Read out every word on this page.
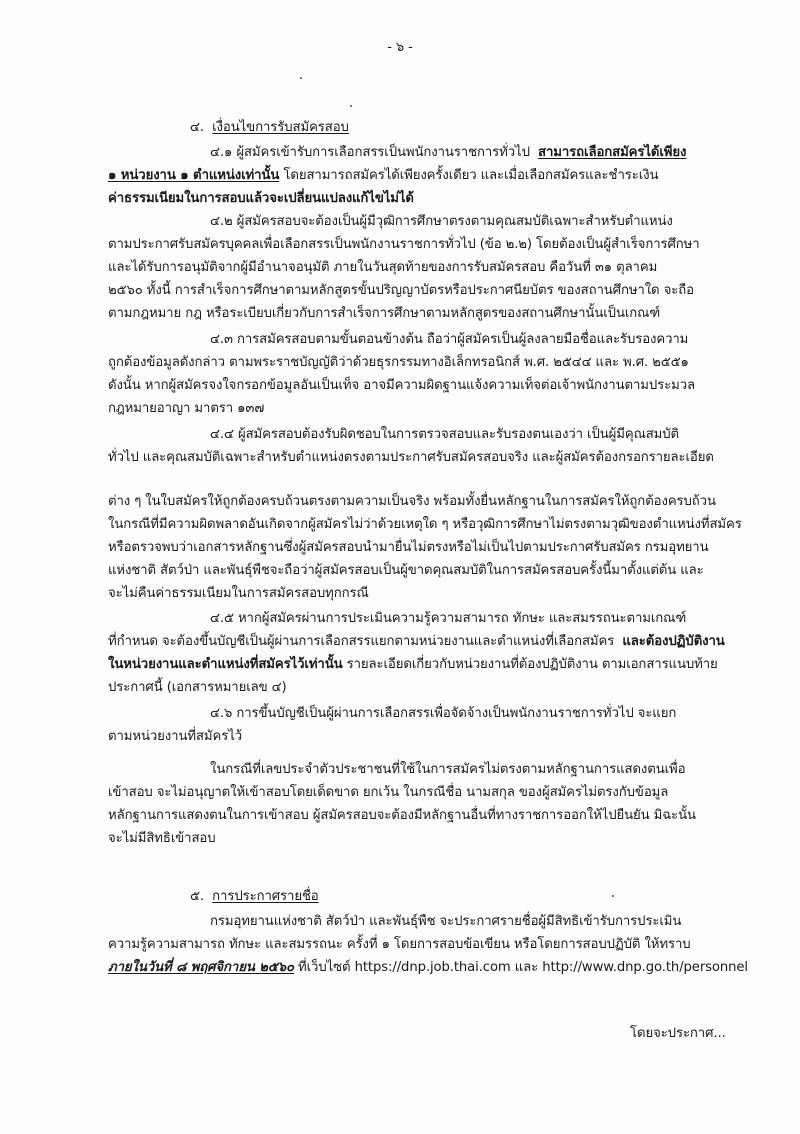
- ๖ -
๔. เงื่อนไขการรับสมัครสอบ
๔.๑ ผู้สมัครเข้ารับการเลือกสรรเป็นพนักงานราชการทั่วไป สามารถเลือกสมัครได้เพียง
๑ หน่วยงาน ๑ ตำแหน่งเท่านั้น โดยสามารถสมัครได้เพียงครั้งเดียว และเมื่อเลือกสมัครและชำระเงิน
ค่าธรรมเนียมในการสอบแล้วจะเปลี่ยนแปลงแก้ไขไม่ได้
๔.๒ ผู้สมัครสอบจะต้องเป็นผู้มีวุฒิการศึกษาตรงตามคุณสมบัติเฉพาะสำหรับตำแหน่ง
ตามประกาศรับสมัครบุคคลเพื่อเลือกสรรเป็นพนักงานราชการทั่วไป (ข้อ ๒.๒) โดยต้องเป็นผู้สำเร็จการศึกษา
และได้รับการอนุมัติจากผู้มีอำนาจอนุมัติ ภายในวันสุดท้ายของการรับสมัครสอบ คือวันที่ ๓๑ ตุลาคม
๒๕๖๐ ทั้งนี้ การสำเร็จการศึกษาตามหลักสูตรขั้นปริญญาบัตรหรือประกาศนียบัตร ของสถานศึกษาใด จะถือ
ตามกฎหมาย กฎ หรือระเบียบเกี่ยวกับการสำเร็จการศึกษาตามหลักสูตรของสถานศึกษานั้นเป็นเกณฑ์
๔.๓ การสมัครสอบตามขั้นตอนข้างต้น ถือว่าผู้สมัครเป็นผู้ลงลายมือชื่อและรับรองความ
ถูกต้องข้อมูลดังกล่าว ตามพระราชบัญญัติว่าด้วยธุรกรรมทางอิเล็กทรอนิกส์ พ.ศ. ๒๕๔๔ และ พ.ศ. ๒๕๕๑
ดังนั้น หากผู้สมัครจงใจกรอกข้อมูลอันเป็นเท็จ อาจมีความผิดฐานแจ้งความเท็จต่อเจ้าพนักงานตามประมวล
กฎหมายอาญา มาตรา ๑๓๗
๔.๔ ผู้สมัครสอบต้องรับผิดชอบในการตรวจสอบและรับรองตนเองว่า เป็นผู้มีคุณสมบัติ
ทั่วไป และคุณสมบัติเฉพาะสำหรับตำแหน่งตรงตามประกาศรับสมัครสอบจริง และผู้สมัครต้องกรอกรายละเอียด
ต่าง ๆ ในใบสมัครให้ถูกต้องครบถ้วนตรงตามความเป็นจริง พร้อมทั้งยื่นหลักฐานในการสมัครให้ถูกต้องครบถ้วน
ในกรณีที่มีความผิดพลาดอันเกิดจากผู้สมัครไม่ว่าด้วยเหตุใด ๆ หรือวุฒิการศึกษาไม่ตรงตามวุฒิของตำแหน่งที่สมัคร
หรือตรวจพบว่าเอกสารหลักฐานซึ่งผู้สมัครสอบนำมายื่นไม่ตรงหรือไม่เป็นไปตามประกาศรับสมัคร กรมอุทยาน
แห่งชาติ สัตว์ป่า และพันธุ์พืชจะถือว่าผู้สมัครสอบเป็นผู้ขาดคุณสมบัติในการสมัครสอบครั้งนี้มาตั้งแต่ต้น และ
จะไม่คืนค่าธรรมเนียมในการสมัครสอบทุกกรณี
๔.๕ หากผู้สมัครผ่านการประเมินความรู้ความสามารถ ทักษะ และสมรรถนะตามเกณฑ์
ที่กำหนด จะต้องขึ้นบัญชีเป็นผู้ผ่านการเลือกสรรแยกตามหน่วยงานและตำแหน่งที่เลือกสมัคร และต้องปฏิบัติงาน
ในหน่วยงานและตำแหน่งที่สมัครไว้เท่านั้น รายละเอียดเกี่ยวกับหน่วยงานที่ต้องปฏิบัติงาน ตามเอกสารแนบท้าย
ประกาศนี้ (เอกสารหมายเลข ๔)
๔.๖ การขึ้นบัญชีเป็นผู้ผ่านการเลือกสรรเพื่อจัดจ้างเป็นพนักงานราชการทั่วไป จะแยก
ตามหน่วยงานที่สมัครไว้
ในกรณีที่เลขประจำตัวประชาชนที่ใช้ในการสมัครไม่ตรงตามหลักฐานการแสดงตนเพื่อ
เข้าสอบ จะไม่อนุญาตให้เข้าสอบโดยเด็ดขาด ยกเว้น ในกรณีชื่อ นามสกุล ของผู้สมัครไม่ตรงกับข้อมูล
หลักฐานการแสดงตนในการเข้าสอบ ผู้สมัครสอบจะต้องมีหลักฐานอื่นที่ทางราชการออกให้ไปยืนยัน มิฉะนั้น
จะไม่มีสิทธิเข้าสอบ
๕. การประกาศรายชื่อ
กรมอุทยานแห่งชาติ สัตว์ป่า และพันธุ์พืช จะประกาศรายชื่อผู้มีสิทธิเข้ารับการประเมิน
ความรู้ความสามารถ ทักษะ และสมรรถนะ ครั้งที่ ๑ โดยการสอบข้อเขียน หรือโดยการสอบปฏิบัติ ให้ทราบ
ภายในวันที่ ๘ พฤศจิกายน ๒๕๖๐ ที่เว็บไซต์ https://dnp.job.thai.com และ http://www.dnp.go.th/personnel
โดยจะประกาศ...
